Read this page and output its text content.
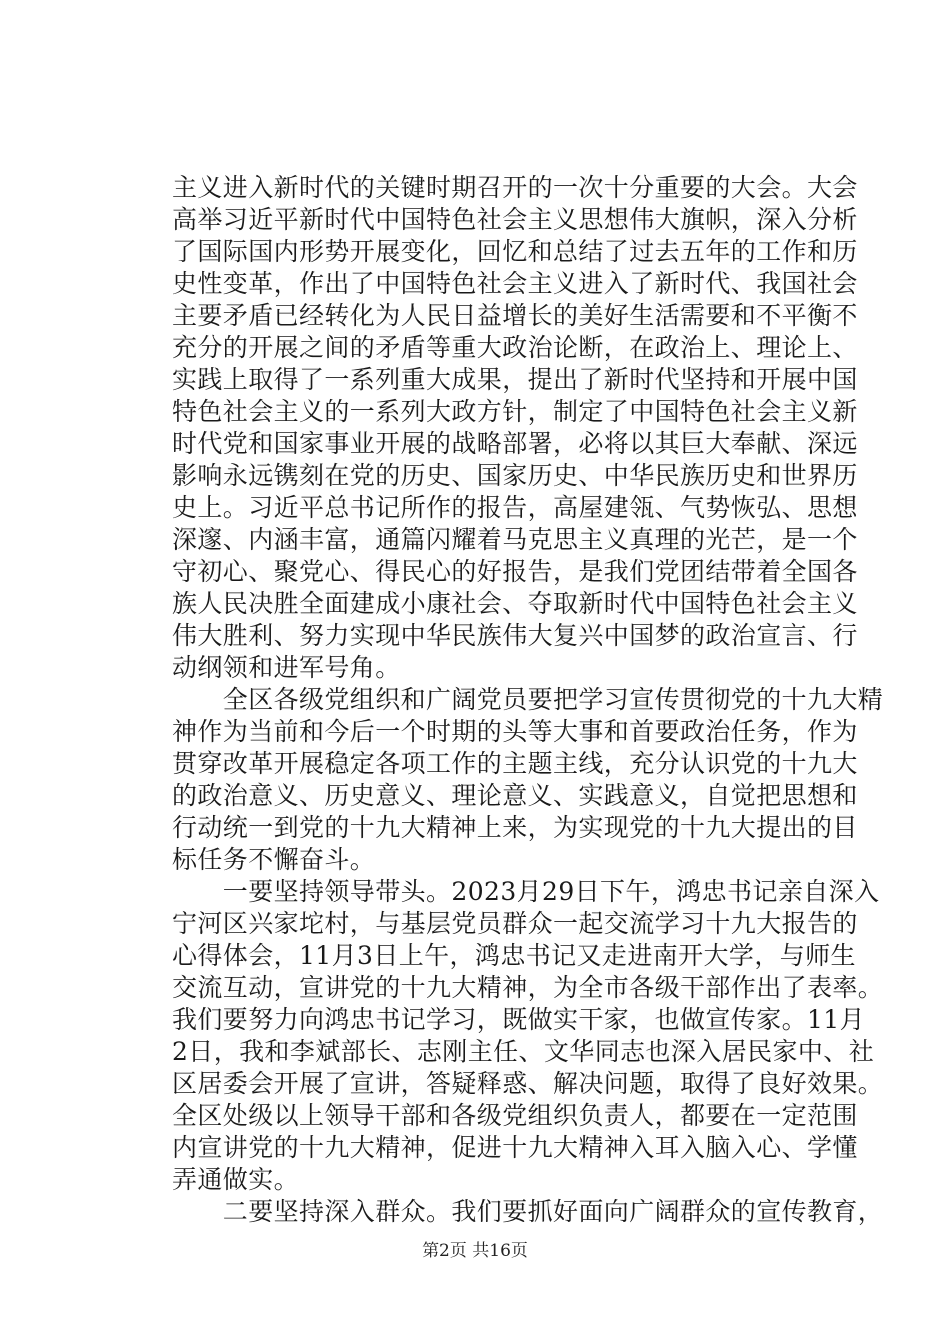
主义进入新时代的关键时期召开的一次十分重要的大会。大会
高举习近平新时代中国特色社会主义思想伟大旗帜，深入分析
了国际国内形势开展变化，回忆和总结了过去五年的工作和历
史性变革，作出了中国特色社会主义进入了新时代、我国社会
主要矛盾已经转化为人民日益增长的美好生活需要和不平衡不
充分的开展之间的矛盾等重大政治论断，在政治上、理论上、
实践上取得了一系列重大成果，提出了新时代坚持和开展中国
特色社会主义的一系列大政方针，制定了中国特色社会主义新
时代党和国家事业开展的战略部署，必将以其巨大奉献、深远
影响永远镌刻在党的历史、国家历史、中华民族历史和世界历
史上。习近平总书记所作的报告，高屋建瓴、气势恢弘、思想
深邃、内涵丰富，通篇闪耀着马克思主义真理的光芒，是一个
守初心、聚党心、得民心的好报告，是我们党团结带着全国各
族人民决胜全面建成小康社会、夺取新时代中国特色社会主义
伟大胜利、努力实现中华民族伟大复兴中国梦的政治宣言、行
动纲领和进军号角。
　　全区各级党组织和广阔党员要把学习宣传贯彻党的十九大精
神作为当前和今后一个时期的头等大事和首要政治任务，作为
贯穿改革开展稳定各项工作的主题主线，充分认识党的十九大
的政治意义、历史意义、理论意义、实践意义，自觉把思想和
行动统一到党的十九大精神上来，为实现党的十九大提出的目
标任务不懈奋斗。
　　一要坚持领导带头。2023月29日下午，鸿忠书记亲自深入
宁河区兴家坨村，与基层党员群众一起交流学习十九大报告的
心得体会，11月3日上午，鸿忠书记又走进南开大学，与师生
交流互动，宣讲党的十九大精神，为全市各级干部作出了表率。
我们要努力向鸿忠书记学习，既做实干家，也做宣传家。11月
2日，我和李斌部长、志刚主任、文华同志也深入居民家中、社
区居委会开展了宣讲，答疑释惑、解决问题，取得了良好效果。
全区处级以上领导干部和各级党组织负责人，都要在一定范围
内宣讲党的十九大精神，促进十九大精神入耳入脑入心、学懂
弄通做实。
　　二要坚持深入群众。我们要抓好面向广阔群众的宣传教育，
第2页 共16页
